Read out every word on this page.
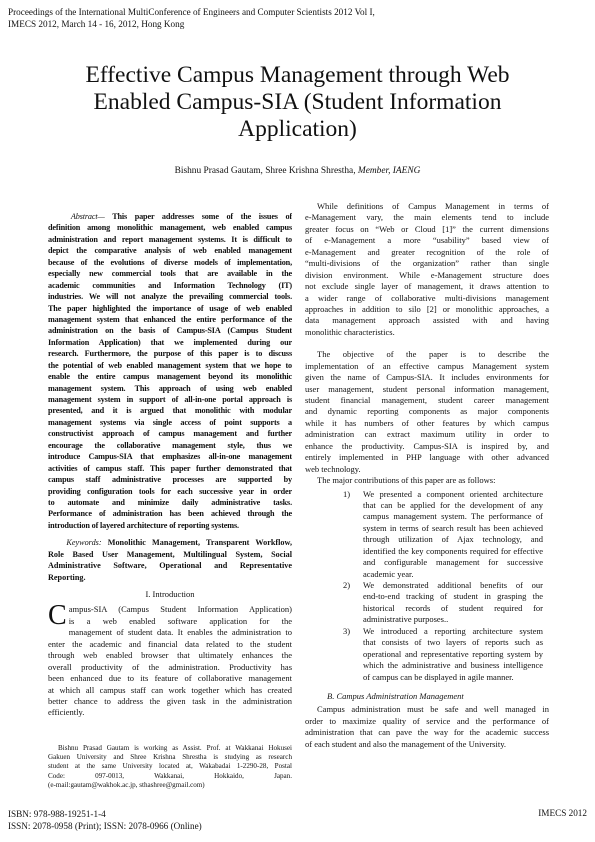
Proceedings of the International MultiConference of Engineers and Computer Scientists 2012 Vol I,
IMECS 2012, March 14 - 16, 2012, Hong Kong
Effective Campus Management through Web
Enabled Campus-SIA (Student Information
Application)
Bishnu Prasad Gautam, Shree Krishna Shrestha, Member, IAENG
Abstract— This paper addresses some of the issues of
definition among monolithic management, web enabled campus
administration and report management systems. It is difficult to
depict the comparative analysis of web enabled management
because of the evolutions of diverse models of implementation,
especially new commercial tools that are available in the
academic communities and Information Technology (IT)
industries. We will not analyze the prevailing commercial tools.
The paper highlighted the importance of usage of web enabled
management system that enhanced the entire performance of the
administration on the basis of Campus-SIA (Campus Student
Information Application) that we implemented during our
research. Furthermore, the purpose of this paper is to discuss
the potential of web enabled management system that we hope to
enable the entire campus management beyond its monolithic
management system. This approach of using web enabled
management system in support of all-in-one portal approach is
presented, and it is argued that monolithic with modular
management systems via single access of point supports a
constructivist approach of campus management and further
encourage the collaborative management style, thus we
introduce Campus-SIA that emphasizes all-in-one management
activities of campus staff. This paper further demonstrated that
campus staff administrative processes are supported by
providing configuration tools for each successive year in order
to automate and minimize daily administrative tasks.
Performance of administration has been achieved through the
introduction of layered architecture of reporting systems.
Keywords: Monolithic Management, Transparent Workflow,
Role Based User Management, Multilingual System, Social
Administrative Software, Operational and Representative
Reporting.
I. Introduction
C ampus-SIA (Campus Student Information Application)
is a web enabled software application for the
management of student data. It enables the administration to
enter the academic and financial data related to the student
through web enabled browser that ultimately enhances the
overall productivity of the administration. Productivity has
been enhanced due to its feature of collaborative management
at which all campus staff can work together which has created
better chance to address the given task in the administration
efficiently.
Bishnu Prasad Gautam is working as Assist. Prof. at Wakkanai Hokusei
Gakuen University and Shree Krishna Shrestha is studying as research
student at the same University located at, Wakabadai 1-2290-28, Postal
Code: 097-0013, Wakkanai, Hokkaido, Japan.
(e-mail:gautam@wakhok.ac.jp, sthashree@gmail.com)
While definitions of Campus Management in terms of
e-Management vary, the main elements tend to include
greater focus on “Web or Cloud [1]” the current dimensions
of e-Management a more “usability” based view of
e-Management and greater recognition of the role of
“multi-divisions of the organization” rather than single
division environment. While e-Management structure does
not exclude single layer of management, it draws attention to
a wider range of collaborative multi-divisions management
approaches in addition to silo [2] or monolithic approaches, a
data management approach assisted with and having
monolithic characteristics.
The objective of the paper is to describe the
implementation of an effective campus Management system
given the name of Campus-SIA. It includes environments for
user management, student personal information management,
student financial management, student career management
and dynamic reporting components as major components
while it has numbers of other features by which campus
administration can extract maximum utility in order to
enhance the productivity. Campus-SIA is inspired by, and
entirely implemented in PHP language with other advanced
web technology.
The major contributions of this paper are as follows:
1) We presented a component oriented architecture
that can be applied for the development of any
campus management system. The performance of
system in terms of search result has been achieved
through utilization of Ajax technology, and
identified the key components required for effective
and configurable management for successive
academic year.
2) We demonstrated additional benefits of our
end-to-end tracking of student in grasping the
historical records of student required for
administrative purposes..
3) We introduced a reporting architecture system
that consists of two layers of reports such as
operational and representative reporting system by
which the administrative and business intelligence
of campus can be displayed in agile manner.
B. Campus Administration Management
Campus administration must be safe and well managed in
order to maximize quality of service and the performance of
administration that can pave the way for the academic success
of each student and also the management of the University.
ISBN: 978-988-19251-1-4
ISSN: 2078-0958 (Print); ISSN: 2078-0966 (Online)
IMECS 2012
